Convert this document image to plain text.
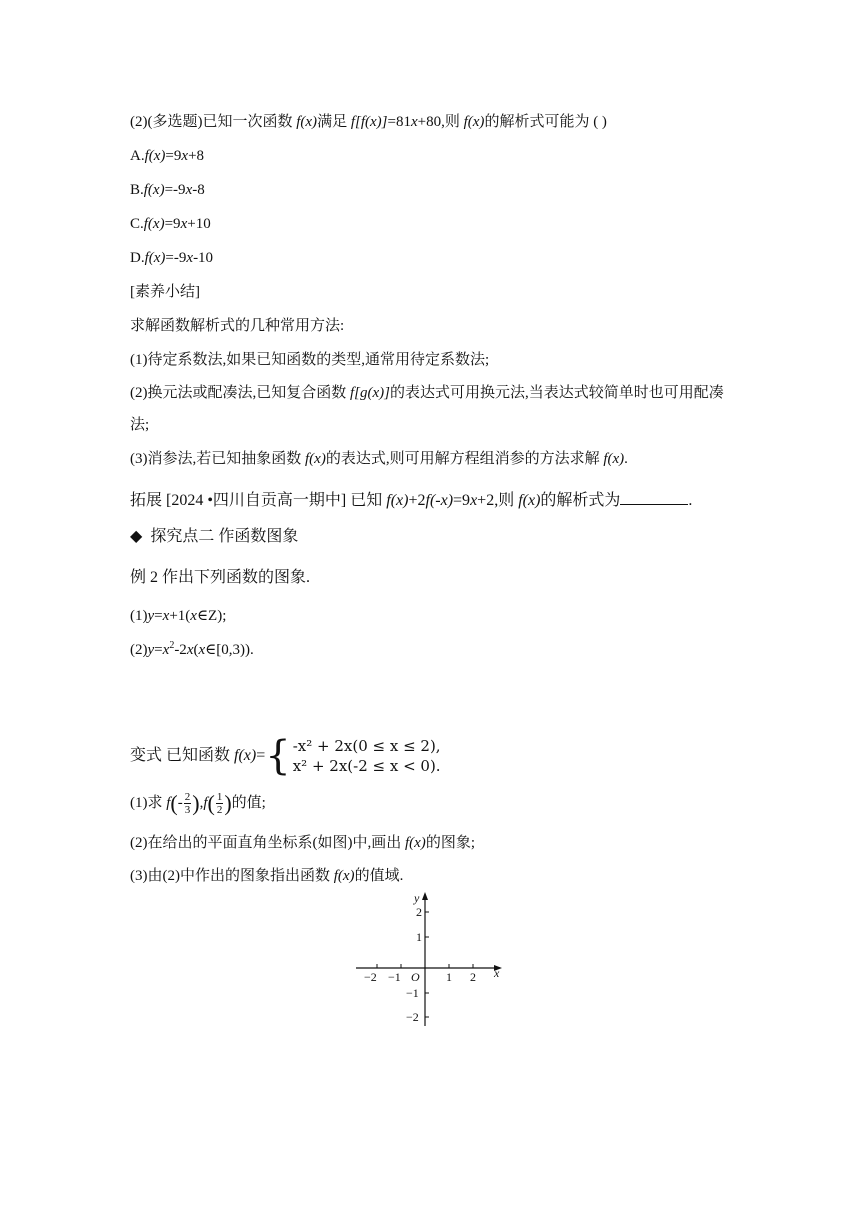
(2)(多选题)已知一次函数 f(x)满足 f[f(x)]=81x+80,则 f(x)的解析式可能为 ( )
A.f(x)=9x+8
B.f(x)=-9x-8
C.f(x)=9x+10
D.f(x)=-9x-10
[素养小结]
求解函数解析式的几种常用方法:
(1)待定系数法,如果已知函数的类型,通常用待定系数法;
(2)换元法或配凑法,已知复合函数 f[g(x)]的表达式可用换元法,当表达式较简单时也可用配凑
法;
(3)消参法,若已知抽象函数 f(x)的表达式,则可用解方程组消参的方法求解 f(x).
拓展 [2024 •四川自贡高一期中] 已知 f(x)+2f(-x)=9x+2,则 f(x)的解析式为	.
◆ 探究点二 作函数图象
例 2 作出下列函数的图象.
(1)y=x+1(x∈Z);
$(2)y=x^2-2x(x\in[0,3))$.
变式 已知函数 f(x)= { -x² + 2x(0 ≤ x ≤ 2),
x² + 2x(-2 ≤ x < 0).
(1)求 $f(- \frac{2}{3} ),f( \frac{1}{2}$ )的值;
(2)在给出的平面直角坐标系(如图)中,画出 f(x)的图象;
(3)由(2)中作出的图象指出函数 f(x)的值域.
−2 −1 O 1 2 x
y
2
1
−1
−2
